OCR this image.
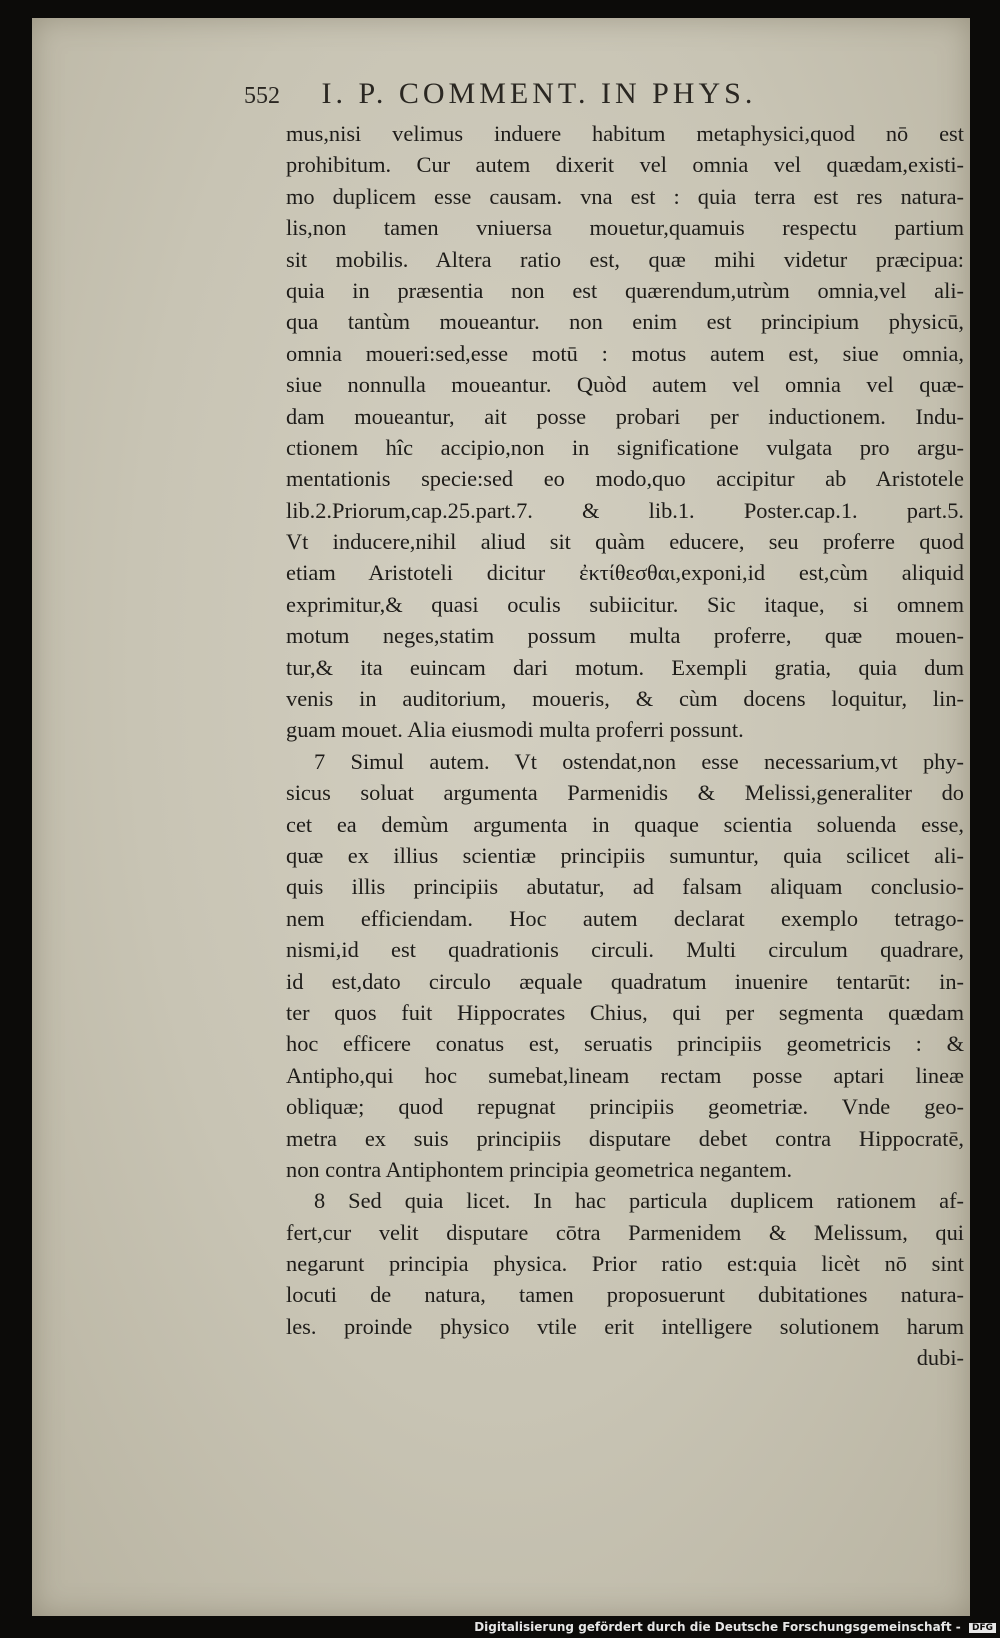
552 I. P. COMMENT. IN PHYS.
mus,nisi velimus induere habitum metaphysici,quod nō est
prohibitum. Cur autem dixerit vel omnia vel quædam,existi-
mo duplicem esse causam. vna est : quia terra est res natura-
lis,non tamen vniuersa mouetur,quamuis respectu partium
sit mobilis. Altera ratio est, quæ mihi videtur præcipua:
quia in præsentia non est quærendum,utrùm omnia,vel ali-
qua tantùm moueantur. non enim est principium physicū,
omnia moueri:sed,esse motū : motus autem est, siue omnia,
siue nonnulla moueantur. Quòd autem vel omnia vel quæ-
dam moueantur, ait posse probari per inductionem. Indu-
ctionem hîc accipio,non in significatione vulgata pro argu-
mentationis specie:sed eo modo,quo accipitur ab Aristotele
lib.2.Priorum,cap.25.part.7. & lib.1. Poster.cap.1. part.5.
Vt inducere,nihil aliud sit quàm educere, seu proferre quod
etiam Aristoteli dicitur ἐκτίθεσθαι,exponi,id est,cùm aliquid
exprimitur,& quasi oculis subiicitur. Sic itaque, si omnem
motum neges,statim possum multa proferre, quæ mouen-
tur,& ita euincam dari motum. Exempli gratia, quia dum
venis in auditorium, moueris, & cùm docens loquitur, lin-
guam mouet. Alia eiusmodi multa proferri possunt.
7 Simul autem. Vt ostendat,non esse necessarium,vt phy-
sicus soluat argumenta Parmenidis & Melissi,generaliter do
cet ea demùm argumenta in quaque scientia soluenda esse,
quæ ex illius scientiæ principiis sumuntur, quia scilicet ali-
quis illis principiis abutatur, ad falsam aliquam conclusio-
nem efficiendam. Hoc autem declarat exemplo tetrago-
nismi,id est quadrationis circuli. Multi circulum quadrare,
id est,dato circulo æquale quadratum inuenire tentarūt: in-
ter quos fuit Hippocrates Chius, qui per segmenta quædam
hoc efficere conatus est, seruatis principiis geometricis : &
Antipho,qui hoc sumebat,lineam rectam posse aptari lineæ
obliquæ; quod repugnat principiis geometriæ. Vnde geo-
metra ex suis principiis disputare debet contra Hippocratē,
non contra Antiphontem principia geometrica negantem.
8 Sed quia licet. In hac particula duplicem rationem af-
fert,cur velit disputare cōtra Parmenidem & Melissum, qui
negarunt principia physica. Prior ratio est:quia licèt nō sint
locuti de natura, tamen proposuerunt dubitationes natura-
les. proinde physico vtile erit intelligere solutionem harum
dubi-
Digitalisierung gefördert durch die Deutsche Forschungsgemeinschaft - DFG
